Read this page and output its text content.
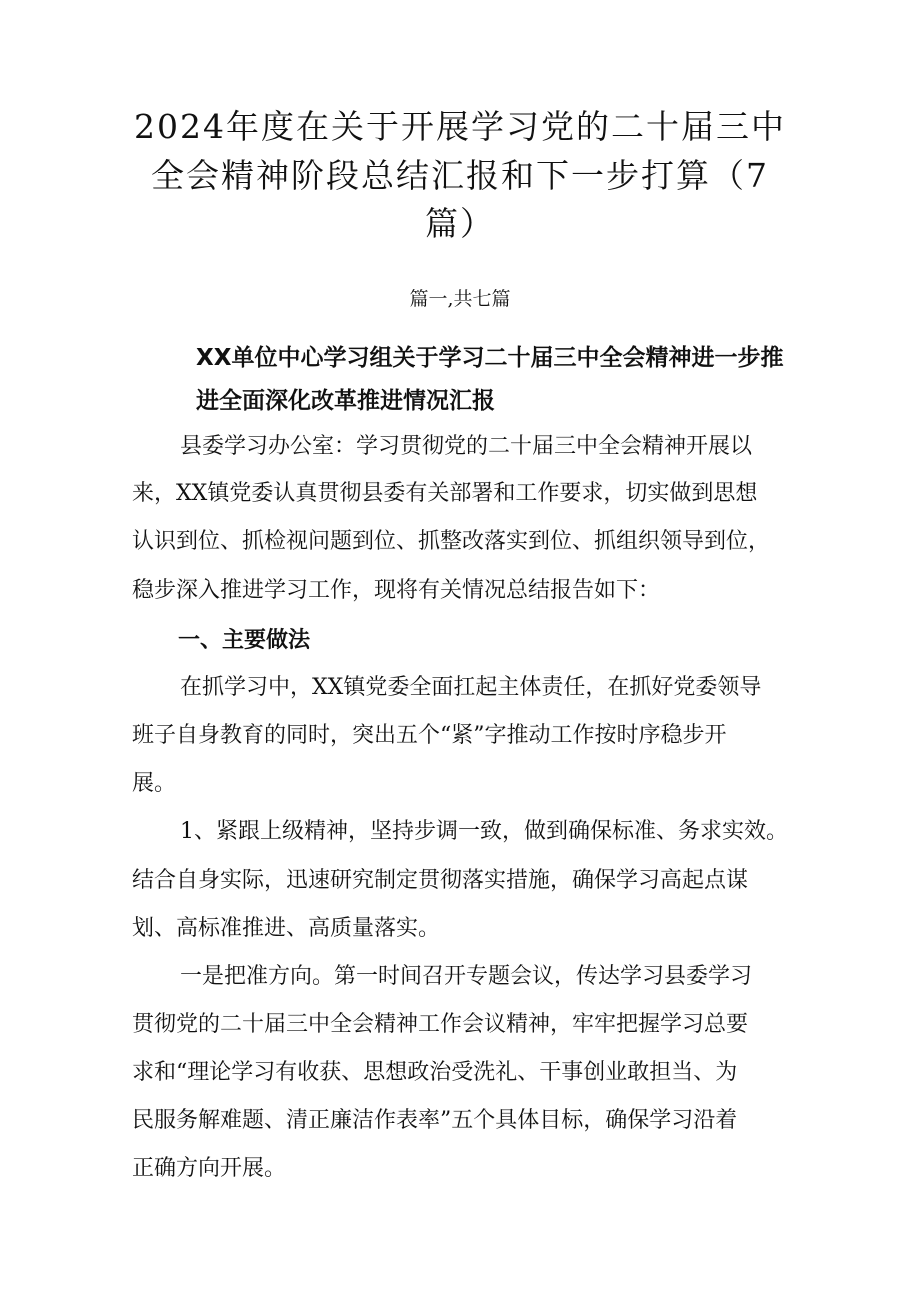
2024年度在关于开展学习党的二十届三中
全会精神阶段总结汇报和下一步打算（7
篇）
篇一,共七篇
XX单位中心学习组关于学习二十届三中全会精神进一步推
进全面深化改革推进情况汇报
县委学习办公室：学习贯彻党的二十届三中全会精神开展以
来，XX镇党委认真贯彻县委有关部署和工作要求，切实做到思想
认识到位、抓检视问题到位、抓整改落实到位、抓组织领导到位，
稳步深入推进学习工作，现将有关情况总结报告如下：
一、主要做法
在抓学习中，XX镇党委全面扛起主体责任，在抓好党委领导
班子自身教育的同时，突出五个“紧”字推动工作按时序稳步开
展。
1、紧跟上级精神，坚持步调一致，做到确保标准、务求实效。
结合自身实际，迅速研究制定贯彻落实措施，确保学习高起点谋
划、高标准推进、高质量落实。
一是把准方向。第一时间召开专题会议，传达学习县委学习
贯彻党的二十届三中全会精神工作会议精神，牢牢把握学习总要
求和“理论学习有收获、思想政治受洗礼、干事创业敢担当、为
民服务解难题、清正廉洁作表率”五个具体目标，确保学习沿着
正确方向开展。
